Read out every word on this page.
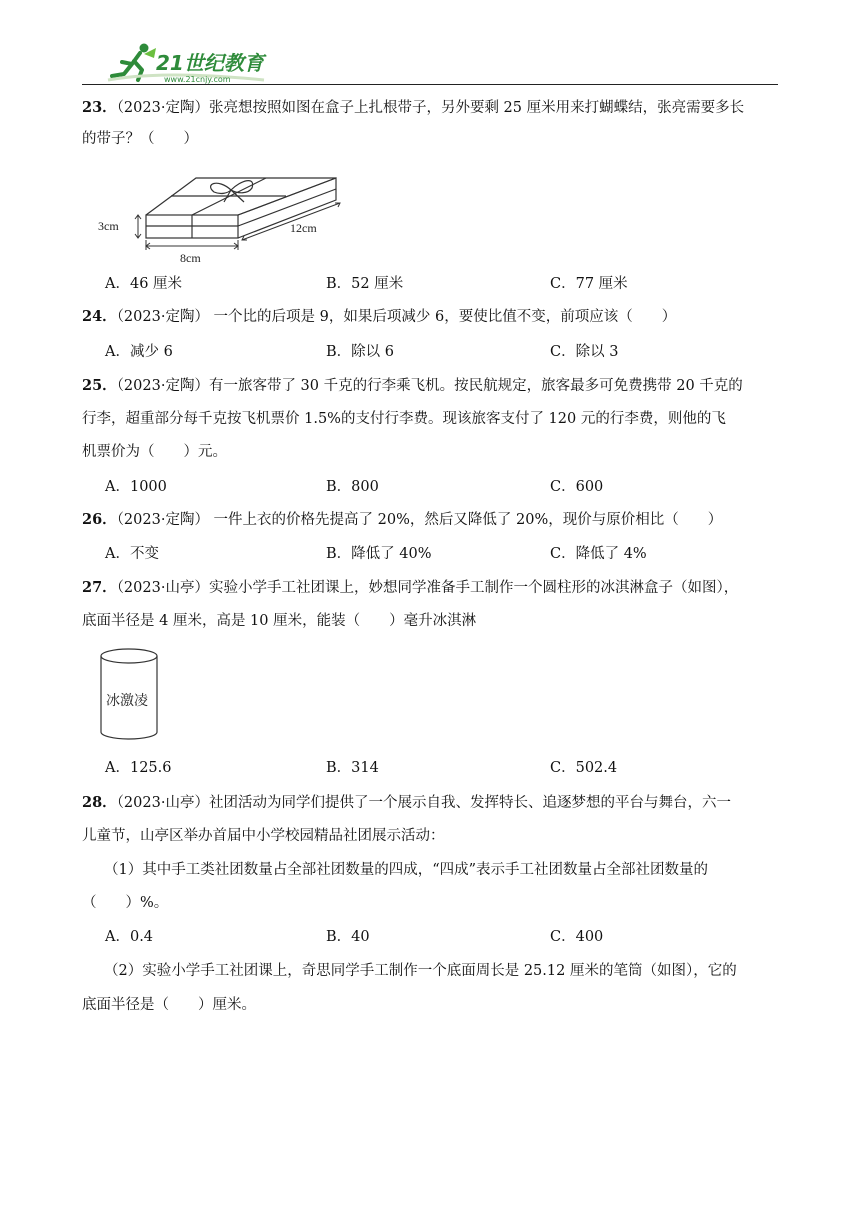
21世纪教育
www.21cnjy.com
23．（2023·定陶）张亮想按照如图在盒子上扎根带子，另外要剩 25 厘米用来打蝴蝶结，张亮需要多长
的带子？（　　）
3cm
8cm
12cm
A．46 厘米	B．52 厘米	C．77 厘米
24．（2023·定陶） 一个比的后项是 9，如果后项减少 6，要使比值不变，前项应该（　　）
A．减少 6	B．除以 6	C．除以 3
25．（2023·定陶）有一旅客带了 30 千克的行李乘飞机。按民航规定，旅客最多可免费携带 20 千克的
行李，超重部分每千克按飞机票价 1.5%的支付行李费。现该旅客支付了 120 元的行李费，则他的飞
机票价为（　　）元。
A．1000	B．800	C．600
26．（2023·定陶） 一件上衣的价格先提高了 20%，然后又降低了 20%，现价与原价相比（　　）
A．不变	B．降低了 40%	C．降低了 4%
27．（2023·山亭）实验小学手工社团课上，妙想同学准备手工制作一个圆柱形的冰淇淋盒子（如图），
底面半径是 4 厘米，高是 10 厘米，能装（　　）毫升冰淇淋
冰激凌
A．125.6	B．314	C．502.4
28．（2023·山亭）社团活动为同学们提供了一个展示自我、发挥特长、追逐梦想的平台与舞台，六一
儿童节，山亭区举办首届中小学校园精品社团展示活动：
（1）其中手工类社团数量占全部社团数量的四成，“四成”表示手工社团数量占全部社团数量的
（　　）%。
A．0.4	B．40	C．400
（2）实验小学手工社团课上，奇思同学手工制作一个底面周长是 25.12 厘米的笔筒（如图），它的
底面半径是（　　）厘米。
